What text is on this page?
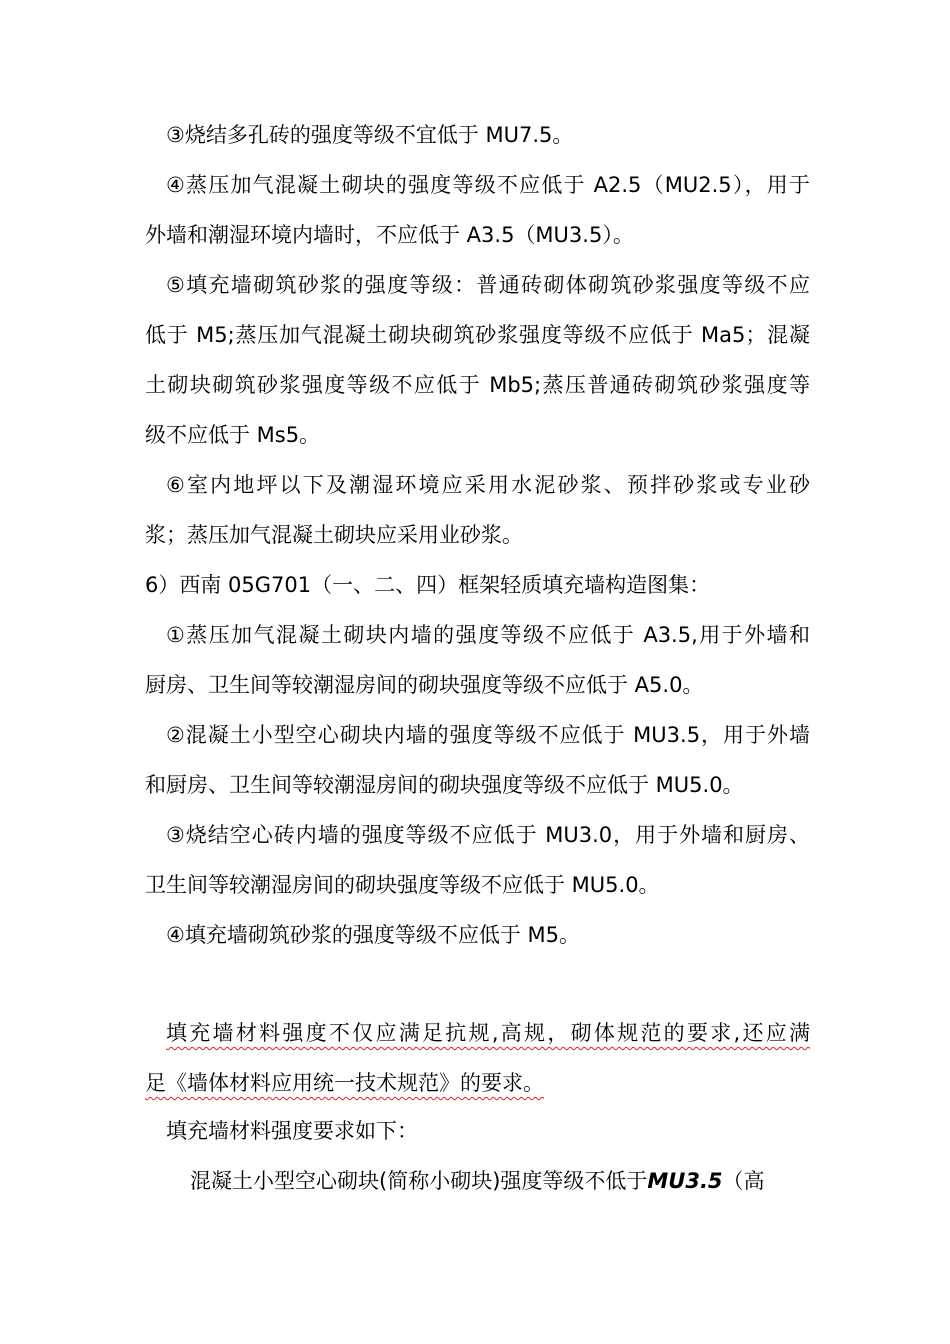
③烧结多孔砖的强度等级不宜低于 MU7.5。
④蒸压加气混凝土砌块的强度等级不应低于 A2.5（MU2.5），用于
外墙和潮湿环境内墙时，不应低于 A3.5（MU3.5）。
⑤填充墙砌筑砂浆的强度等级：普通砖砌体砌筑砂浆强度等级不应
低于 M5;蒸压加气混凝土砌块砌筑砂浆强度等级不应低于 Ma5；混凝
土砌块砌筑砂浆强度等级不应低于 Mb5;蒸压普通砖砌筑砂浆强度等
级不应低于 Ms5。
⑥室内地坪以下及潮湿环境应采用水泥砂浆、预拌砂浆或专业砂
浆；蒸压加气混凝土砌块应采用业砂浆。
6）西南 05G701（一、二、四）框架轻质填充墙构造图集：
①蒸压加气混凝土砌块内墙的强度等级不应低于 A3.5,用于外墙和
厨房、卫生间等较潮湿房间的砌块强度等级不应低于 A5.0。
②混凝土小型空心砌块内墙的强度等级不应低于 MU3.5，用于外墙
和厨房、卫生间等较潮湿房间的砌块强度等级不应低于 MU5.0。
③烧结空心砖内墙的强度等级不应低于 MU3.0，用于外墙和厨房、
卫生间等较潮湿房间的砌块强度等级不应低于 MU5.0。
④填充墙砌筑砂浆的强度等级不应低于 M5。
填充墙材料强度不仅应满足抗规,高规，砌体规范的要求,还应满
足《墙体材料应用统一技术规范》的要求。
填充墙材料强度要求如下：
混凝土小型空心砌块(简称小砌块)强度等级不低于MU3.5（高
